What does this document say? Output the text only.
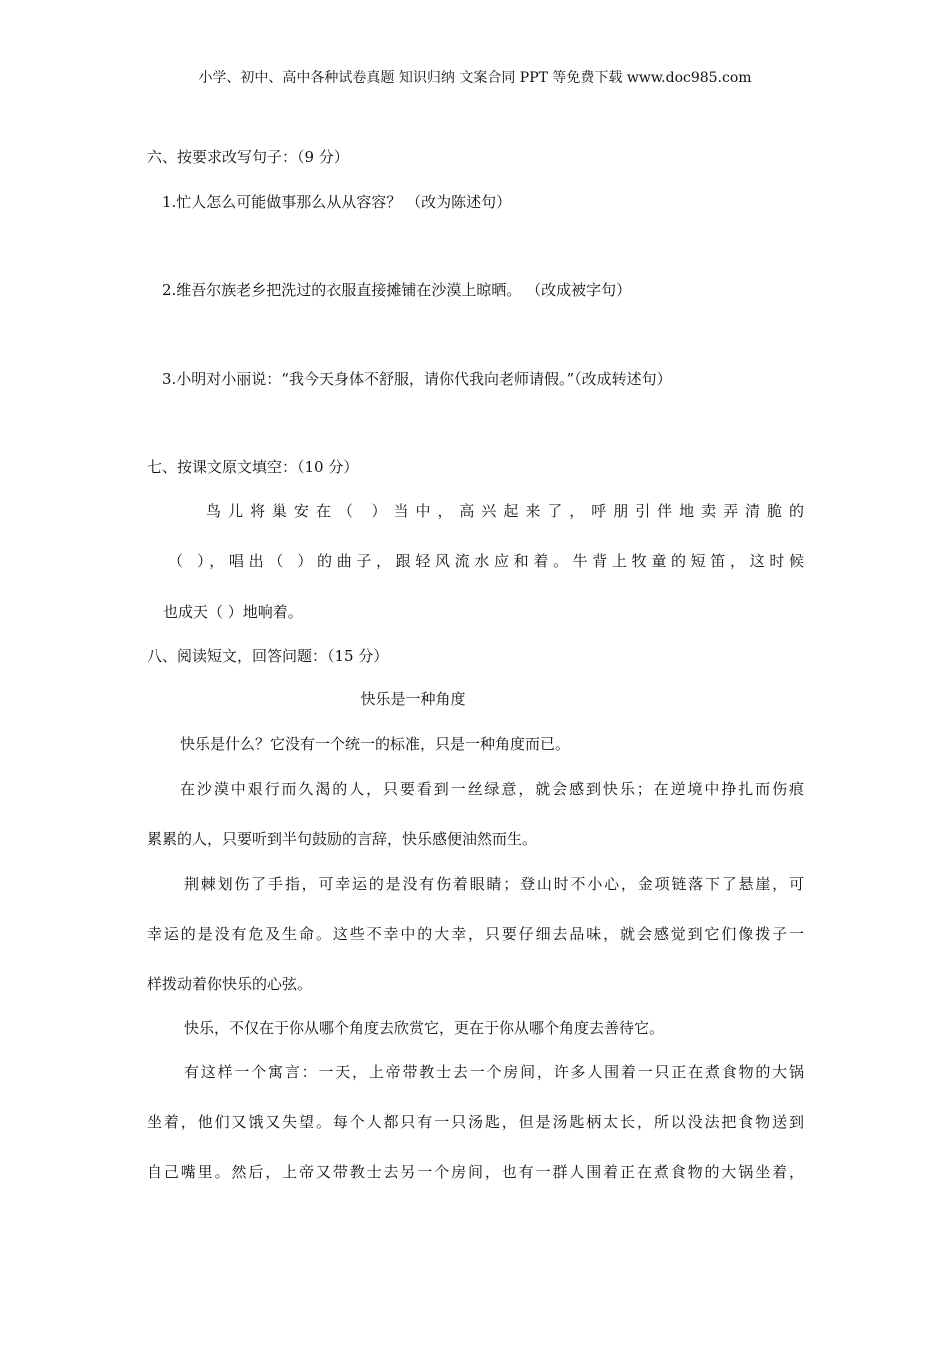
小学、初中、高中各种试卷真题 知识归纳 文案合同 PPT 等免费下载 www.doc985.com
六、按要求改写句子：（9 分）
1.忙人怎么可能做事那么从从容容？ （改为陈述句）
2.维吾尔族老乡把洗过的衣服直接摊铺在沙漠上晾晒。 （改成被字句）
3.小明对小丽说：“我今天身体不舒服，请你代我向老师请假。”（改成转述句）
七、按课文原文填空：（10 分）
鸟儿将巢安在（ ）当中，高兴起来了，呼朋引伴地卖弄清脆的
（ ），唱出（ ）的曲子，跟轻风流水应和着。牛背上牧童的短笛，这时候
也成天（ ）地响着。
八、阅读短文，回答问题：（15 分）
快乐是一种角度
快乐是什么？它没有一个统一的标准，只是一种角度而已。
在沙漠中艰行而久渴的人，只要看到一丝绿意，就会感到快乐；在逆境中挣扎而伤痕
累累的人，只要听到半句鼓励的言辞，快乐感便油然而生。
荆棘划伤了手指，可幸运的是没有伤着眼睛；登山时不小心，金项链落下了悬崖，可
幸运的是没有危及生命。这些不幸中的大幸，只要仔细去品味，就会感觉到它们像拨子一
样拨动着你快乐的心弦。
快乐，不仅在于你从哪个角度去欣赏它，更在于你从哪个角度去善待它。
有这样一个寓言：一天，上帝带教士去一个房间，许多人围着一只正在煮食物的大锅
坐着，他们又饿又失望。每个人都只有一只汤匙，但是汤匙柄太长，所以没法把食物送到
自己嘴里。然后，上帝又带教士去另一个房间，也有一群人围着正在煮食物的大锅坐着，
